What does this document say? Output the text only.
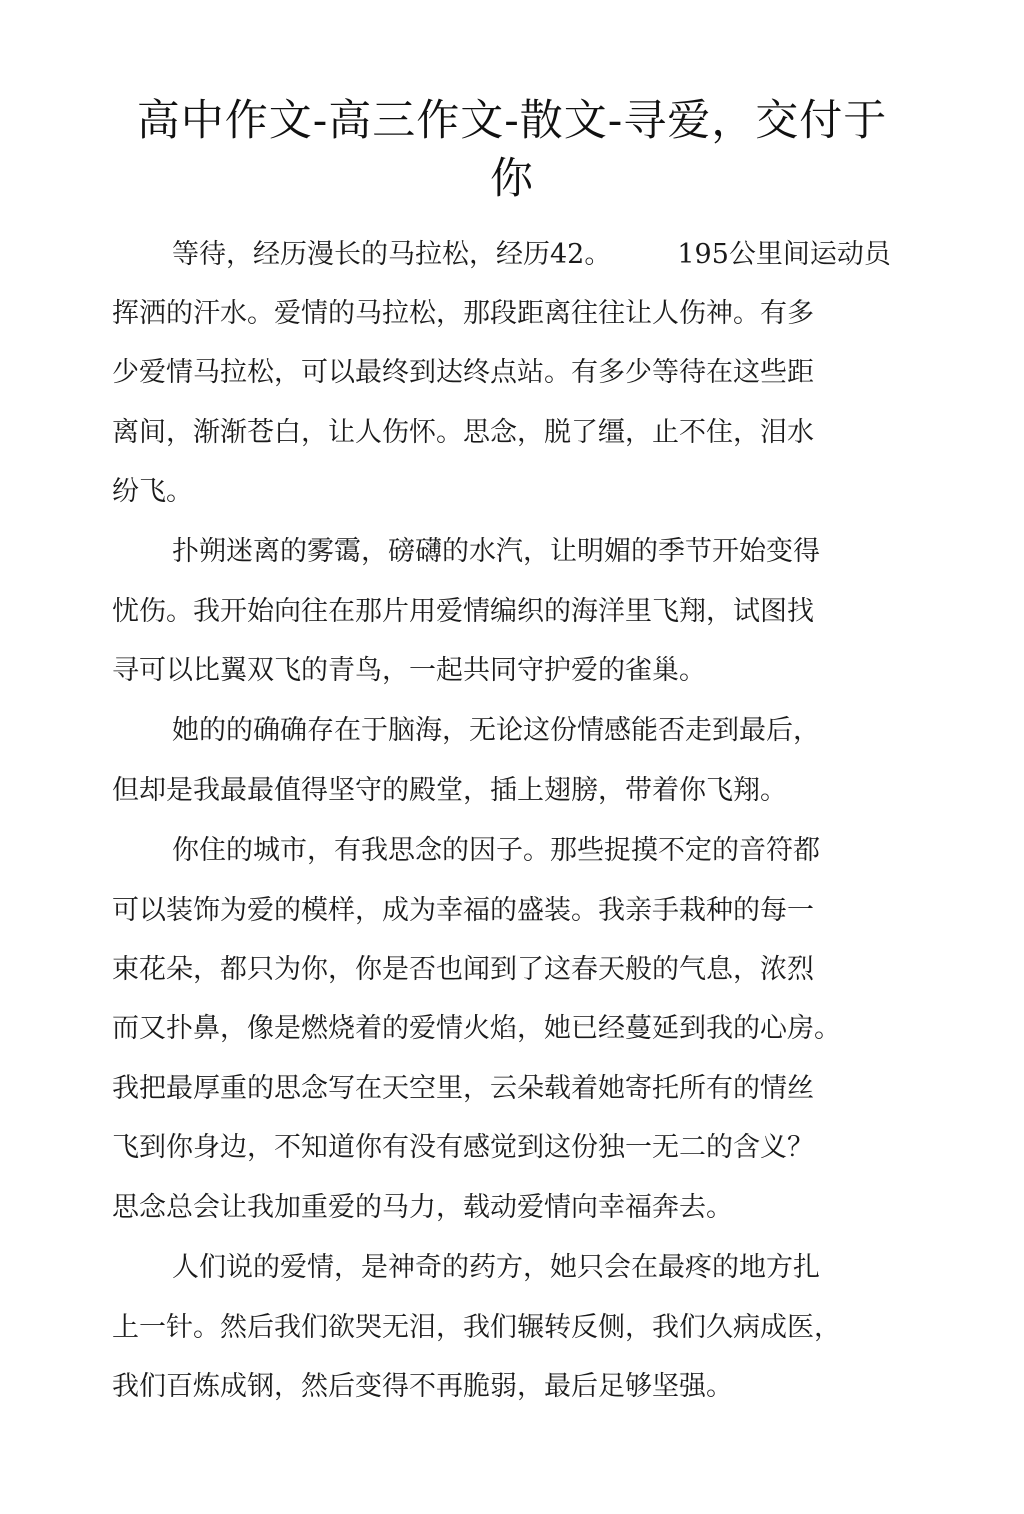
高中作文-高三作文-散文-寻爱，交付于
你

等待，经历漫长的马拉松，经历42。 195公里间运动员

挥洒的汗水。爱情的马拉松，那段距离往往让人伤神。有多

少爱情马拉松，可以最终到达终点站。有多少等待在这些距

离间，渐渐苍白，让人伤怀。思念，脱了缰，止不住，泪水

纷飞。

扑朔迷离的雾霭，磅礴的水汽，让明媚的季节开始变得

忧伤。我开始向往在那片用爱情编织的海洋里飞翔，试图找

寻可以比翼双飞的青鸟，一起共同守护爱的雀巢。

她的的确确存在于脑海，无论这份情感能否走到最后，

但却是我最最值得坚守的殿堂，插上翅膀，带着你飞翔。

你住的城市，有我思念的因子。那些捉摸不定的音符都

可以装饰为爱的模样，成为幸福的盛装。我亲手栽种的每一

束花朵，都只为你，你是否也闻到了这春天般的气息，浓烈

而又扑鼻，像是燃烧着的爱情火焰，她已经蔓延到我的心房。

我把最厚重的思念写在天空里，云朵载着她寄托所有的情丝

飞到你身边，不知道你有没有感觉到这份独一无二的含义？

思念总会让我加重爱的马力，载动爱情向幸福奔去。

人们说的爱情，是神奇的药方，她只会在最疼的地方扎

上一针。然后我们欲哭无泪，我们辗转反侧，我们久病成医，

我们百炼成钢，然后变得不再脆弱，最后足够坚强。
